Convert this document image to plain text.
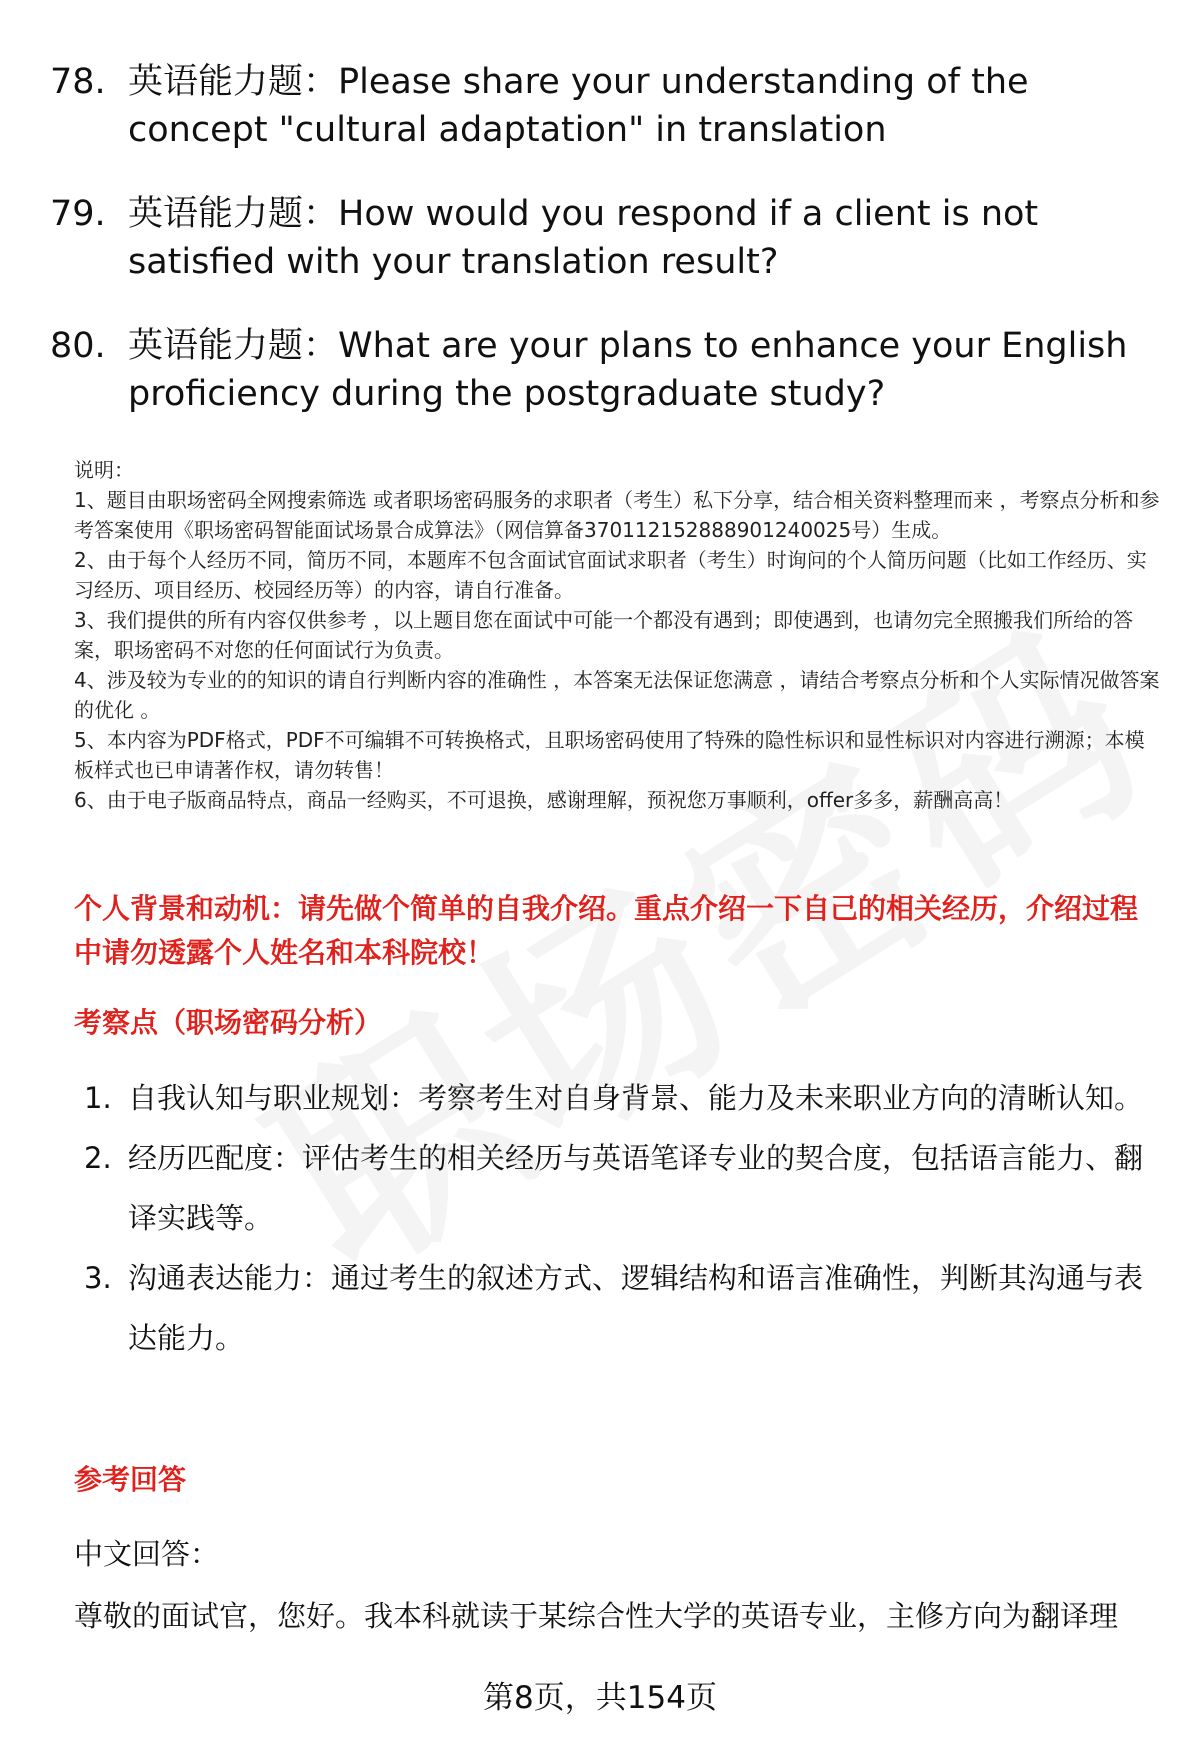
78. 英语能力题：Please share your understanding of the concept "cultural adaptation" in translation
79. 英语能力题：How would you respond if a client is not satisfied with your translation result?
80. 英语能力题：What are your plans to enhance your English proficiency during the postgraduate study?

说明：

1、题目由职场密码全网搜索筛选 或者职场密码服务的求职者（考生）私下分享，结合相关资料整理而来 ，考察点分析和参考答案使用《职场密码智能面试场景合成算法》（网信算备370112152888901240025号）生成。

2、由于每个人经历不同，简历不同，本题库不包含面试官面试求职者（考生）时询问的个人简历问题（比如工作经历、实习经历、项目经历、校园经历等）的内容，请自行准备。

3、我们提供的所有内容仅供参考 ，以上题目您在面试中可能一个都没有遇到；即使遇到，也请勿完全照搬我们所给的答案，职场密码不对您的任何面试行为负责。

4、涉及较为专业的的知识的请自行判断内容的准确性 ，本答案无法保证您满意 ，请结合考察点分析和个人实际情况做答案的优化 。

5、本内容为PDF格式，PDF不可编辑不可转换格式，且职场密码使用了特殊的隐性标识和显性标识对内容进行溯源；本模板样式也已申请著作权，请勿转售！

6、由于电子版商品特点，商品一经购买，不可退换，感谢理解，预祝您万事顺利，offer多多，薪酬高高！

个人背景和动机：请先做个简单的自我介绍。重点介绍一下自己的相关经历，介绍过程中请勿透露个人姓名和本科院校！
考察点（职场密码分析）
1. 自我认知与职业规划：考察考生对自身背景、能力及未来职业方向的清晰认知。
2. 经历匹配度：评估考生的相关经历与英语笔译专业的契合度，包括语言能力、翻译实践等。
3. 沟通表达能力：通过考生的叙述方式、逻辑结构和语言准确性，判断其沟通与表达能力。
参考回答
中文回答：
尊敬的面试官，您好。我本科就读于某综合性大学的英语专业，主修方向为翻译理
第8页，共154页
